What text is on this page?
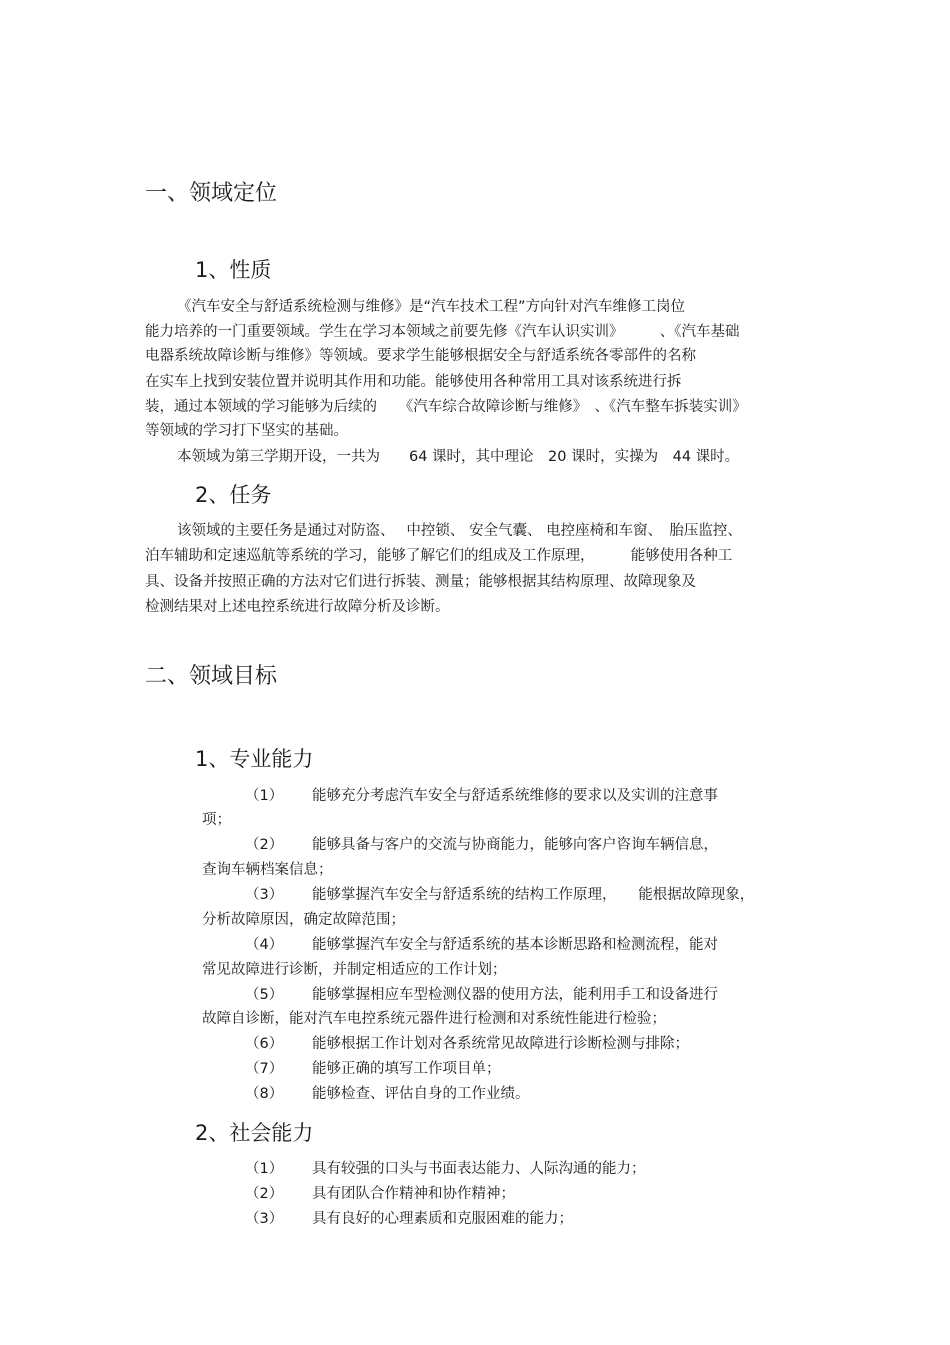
一、领域定位
1、性质
《汽车安全与舒适系统检测与维修》是“汽车技术工程”方向针对汽车维修工岗位
能力培养的一门重要领域。学生在学习本领域之前要先修《汽车认识实训》　　　、《汽车基础
电器系统故障诊断与维修》等领域。要求学生能够根据安全与舒适系统各零部件的名称
在实车上找到安装位置并说明其作用和功能。能够使用各种常用工具对该系统进行拆
装，通过本领域的学习能够为后续的　　《汽车综合故障诊断与维修》　、《汽车整车拆装实训》
等领域的学习打下坚实的基础。
本领域为第三学期开设，一共为　　64 课时，其中理论　20 课时，实操为　44 课时。
2、任务
该领域的主要任务是通过对防盗、　 中控锁、 安全气囊、 电控座椅和车窗、　胎压监控、
泊车辅助和定速巡航等系统的学习，能够了解它们的组成及工作原理，　　　能够使用各种工
具、设备并按照正确的方法对它们进行拆装、测量；能够根据其结构原理、故障现象及
检测结果对上述电控系统进行故障分析及诊断。
二、领域目标
1、专业能力
（1） 能够充分考虑汽车安全与舒适系统维修的要求以及实训的注意事
项；
（2） 能够具备与客户的交流与协商能力，能够向客户咨询车辆信息，
查询车辆档案信息；
（3） 能够掌握汽车安全与舒适系统的结构工作原理，　　能根据故障现象，
分析故障原因，确定故障范围；
（4） 能够掌握汽车安全与舒适系统的基本诊断思路和检测流程，能对
常见故障进行诊断，并制定相适应的工作计划；
（5） 能够掌握相应车型检测仪器的使用方法，能利用手工和设备进行
故障自诊断，能对汽车电控系统元器件进行检测和对系统性能进行检验；
（6） 能够根据工作计划对各系统常见故障进行诊断检测与排除；
（7） 能够正确的填写工作项目单；
（8） 能够检查、评估自身的工作业绩。
2、社会能力
（1） 具有较强的口头与书面表达能力、人际沟通的能力；
（2） 具有团队合作精神和协作精神；
（3） 具有良好的心理素质和克服困难的能力；
